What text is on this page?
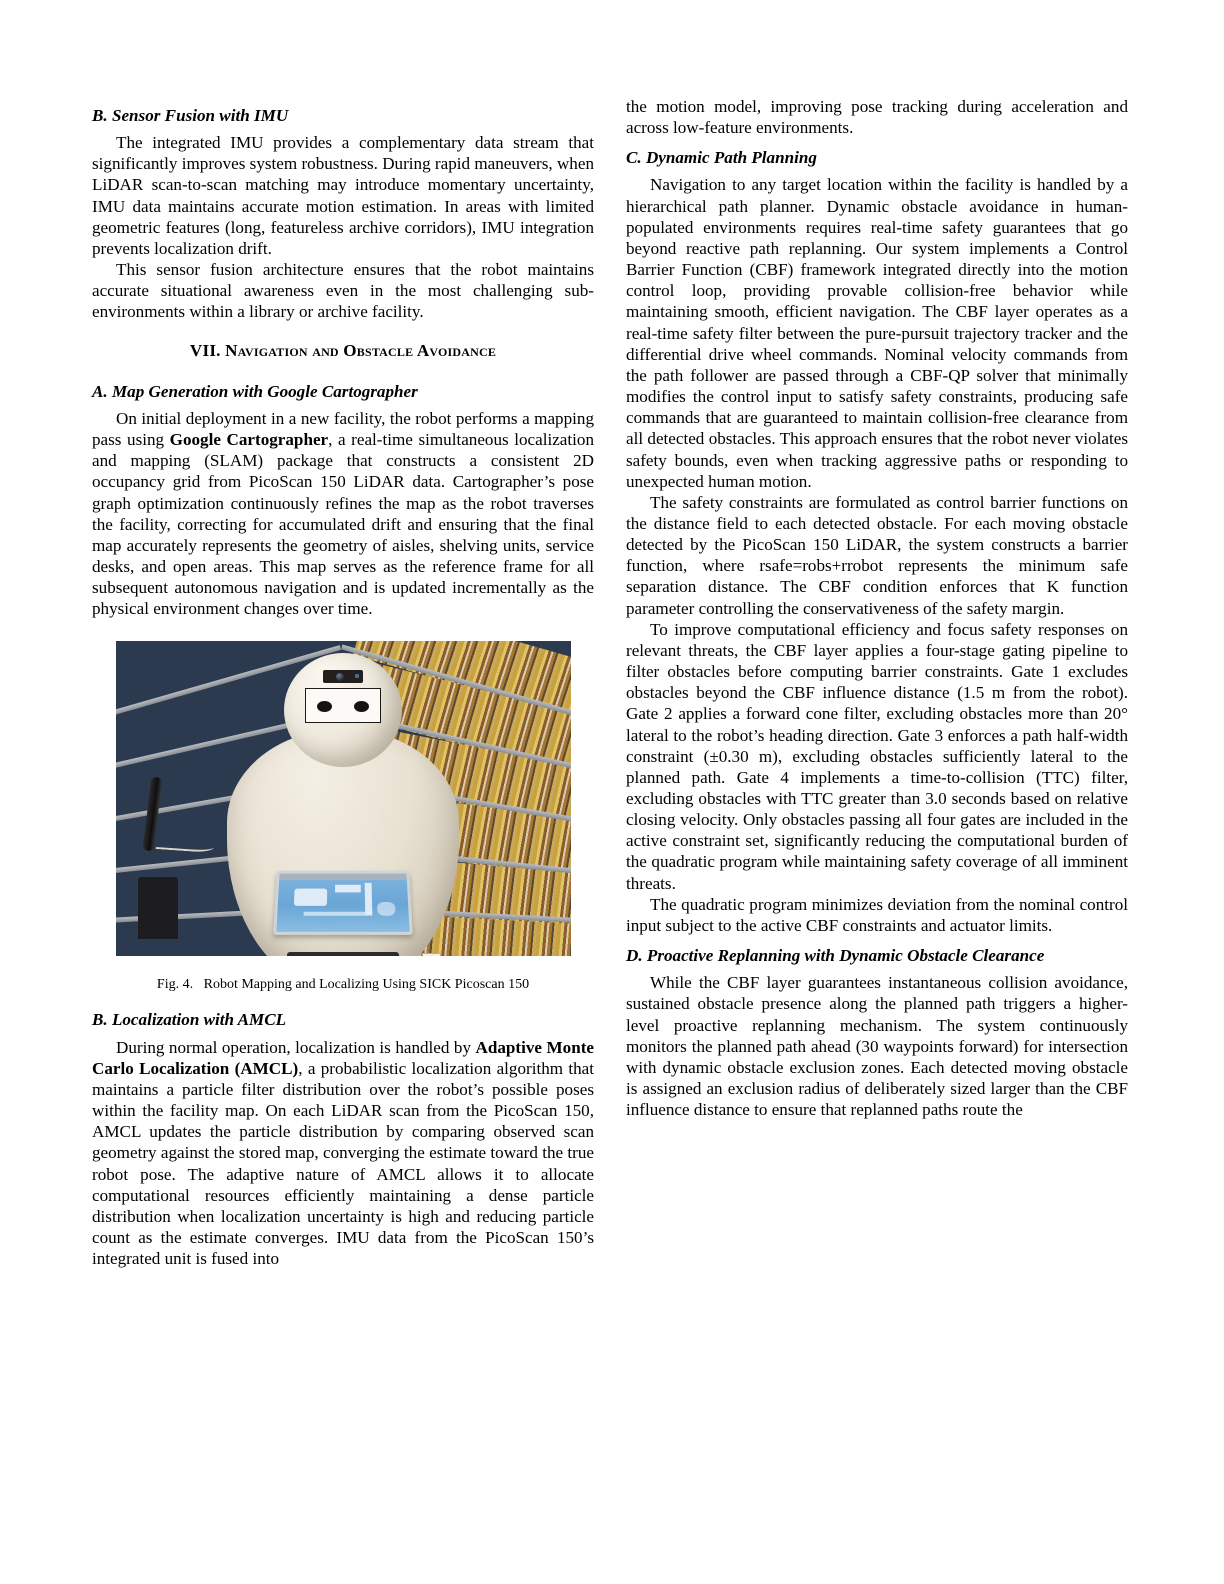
B. Sensor Fusion with IMU

The integrated IMU provides a complementary data stream that significantly improves system robustness. During rapid maneuvers, when LiDAR scan-to-scan matching may introduce momentary uncertainty, IMU data maintains accurate motion estimation. In areas with limited geometric features (long, featureless archive corridors), IMU integration prevents localization drift.

This sensor fusion architecture ensures that the robot maintains accurate situational awareness even in the most challenging sub-environments within a library or archive facility.

VII. Navigation and Obstacle Avoidance
A. Map Generation with Google Cartographer

On initial deployment in a new facility, the robot performs a mapping pass using Google Cartographer, a real-time simultaneous localization and mapping (SLAM) package that constructs a consistent 2D occupancy grid from PicoScan 150 LiDAR data. Cartographer’s pose graph optimization continuously refines the map as the robot traverses the facility, correcting for accumulated drift and ensuring that the final map accurately represents the geometry of aisles, shelving units, service desks, and open areas. This map serves as the reference frame for all subsequent autonomous navigation and is updated incrementally as the physical environment changes over time.

Fig. 4. Robot Mapping and Localizing Using SICK Picoscan 150
B. Localization with AMCL

During normal operation, localization is handled by Adaptive Monte Carlo Localization (AMCL), a probabilistic localization algorithm that maintains a particle filter distribution over the robot’s possible poses within the facility map. On each LiDAR scan from the PicoScan 150, AMCL updates the particle distribution by comparing observed scan geometry against the stored map, converging the estimate toward the true robot pose. The adaptive nature of AMCL allows it to allocate computational resources efficiently maintaining a dense particle distribution when localization uncertainty is high and reducing particle count as the estimate converges. IMU data from the PicoScan 150’s integrated unit is fused into

the motion model, improving pose tracking during acceleration and across low-feature environments.

C. Dynamic Path Planning

Navigation to any target location within the facility is handled by a hierarchical path planner. Dynamic obstacle avoidance in human-populated environments requires real-time safety guarantees that go beyond reactive path replanning. Our system implements a Control Barrier Function (CBF) framework integrated directly into the motion control loop, providing provable collision-free behavior while maintaining smooth, efficient navigation. The CBF layer operates as a real-time safety filter between the pure-pursuit trajectory tracker and the differential drive wheel commands. Nominal velocity commands from the path follower are passed through a CBF-QP solver that minimally modifies the control input to satisfy safety constraints, producing safe commands that are guaranteed to maintain collision-free clearance from all detected obstacles. This approach ensures that the robot never violates safety bounds, even when tracking aggressive paths or responding to unexpected human motion.

The safety constraints are formulated as control barrier functions on the distance field to each detected obstacle. For each moving obstacle detected by the PicoScan 150 LiDAR, the system constructs a barrier function, where rsafe=robs+rrobot represents the minimum safe separation distance. The CBF condition enforces that K function parameter controlling the conservativeness of the safety margin.

To improve computational efficiency and focus safety responses on relevant threats, the CBF layer applies a four-stage gating pipeline to filter obstacles before computing barrier constraints. Gate 1 excludes obstacles beyond the CBF influence distance (1.5 m from the robot). Gate 2 applies a forward cone filter, excluding obstacles more than 20° lateral to the robot’s heading direction. Gate 3 enforces a path half-width constraint (±0.30 m), excluding obstacles sufficiently lateral to the planned path. Gate 4 implements a time-to-collision (TTC) filter, excluding obstacles with TTC greater than 3.0 seconds based on relative closing velocity. Only obstacles passing all four gates are included in the active constraint set, significantly reducing the computational burden of the quadratic program while maintaining safety coverage of all imminent threats.

The quadratic program minimizes deviation from the nominal control input subject to the active CBF constraints and actuator limits.

D. Proactive Replanning with Dynamic Obstacle Clearance

While the CBF layer guarantees instantaneous collision avoidance, sustained obstacle presence along the planned path triggers a higher-level proactive replanning mechanism. The system continuously monitors the planned path ahead (30 waypoints forward) for intersection with dynamic obstacle exclusion zones. Each detected moving obstacle is assigned an exclusion radius of deliberately sized larger than the CBF influence distance to ensure that replanned paths route the
